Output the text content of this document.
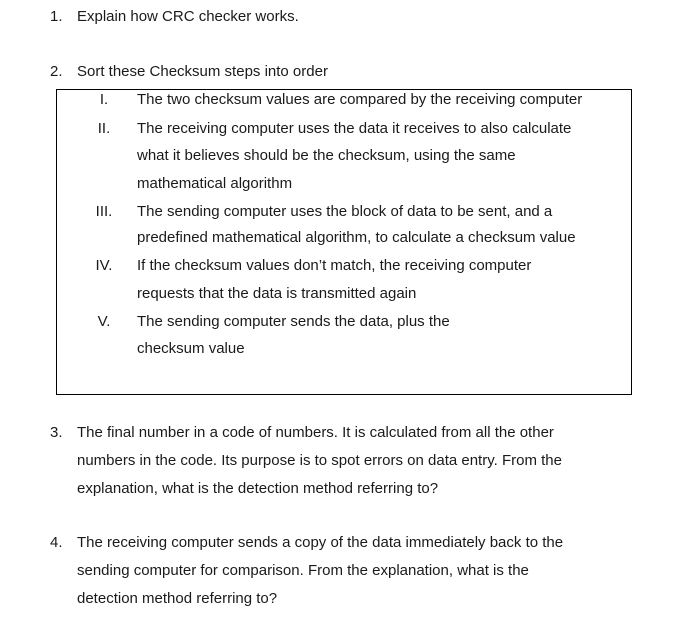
1. Explain how CRC checker works.
2. Sort these Checksum steps into order
I.	The two checksum values are compared by the receiving computer
II.	The receiving computer uses the data it receives to also calculate
what it believes should be the checksum, using the same
mathematical algorithm
III.	The sending computer uses the block of data to be sent, and a
predefined mathematical algorithm, to calculate a checksum value
IV.	If the checksum values don’t match, the receiving computer
requests that the data is transmitted again
V.	The sending computer sends the data, plus the
checksum value
3. The final number in a code of numbers. It is calculated from all the other
numbers in the code. Its purpose is to spot errors on data entry. From the
explanation, what is the detection method referring to?
4. The receiving computer sends a copy of the data immediately back to the
sending computer for comparison. From the explanation, what is the
detection method referring to?
